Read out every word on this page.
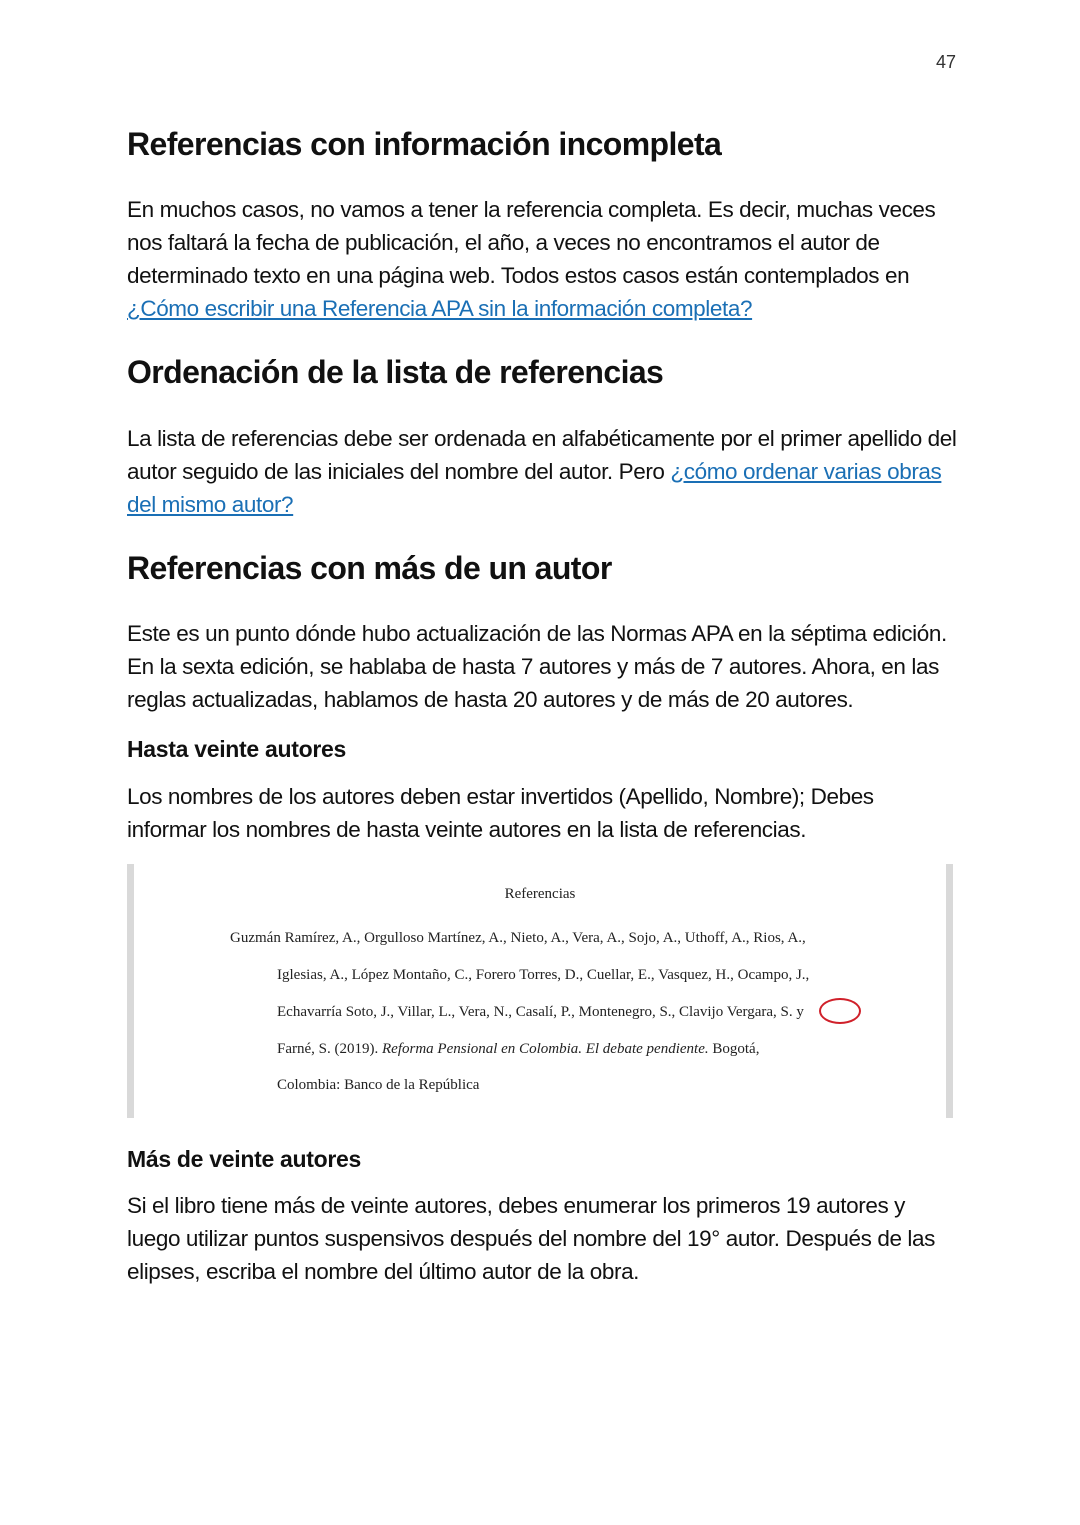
47
Referencias con información incompleta

En muchos casos, no vamos a tener la referencia completa. Es decir, muchas veces nos faltará la fecha de publicación, el año, a veces no encontramos el autor de determinado texto en una página web. Todos estos casos están contemplados en ¿Cómo escribir una Referencia APA sin la información completa?

Ordenación de la lista de referencias

La lista de referencias debe ser ordenada en alfabéticamente por el primer apellido del autor seguido de las iniciales del nombre del autor. Pero ¿cómo ordenar varias obras del mismo autor?

Referencias con más de un autor

Este es un punto dónde hubo actualización de las Normas APA en la séptima edición. En la sexta edición, se hablaba de hasta 7 autores y más de 7 autores. Ahora, en las reglas actualizadas, hablamos de hasta 20 autores y de más de 20 autores.

Hasta veinte autores

Los nombres de los autores deben estar invertidos (Apellido, Nombre); Debes informar los nombres de hasta veinte autores en la lista de referencias.

Referencias
Guzmán Ramírez, A., Orgulloso Martínez, A., Nieto, A., Vera, A., Sojo, A., Uthoff, A., Rios, A.,
Iglesias, A., López Montaño, C., Forero Torres, D., Cuellar, E., Vasquez, H., Ocampo, J.,
Echavarría Soto, J., Villar, L., Vera, N., Casalí, P., Montenegro, S., Clavijo Vergara, S. y
Farné, S. (2019). Reforma Pensional en Colombia. El debate pendiente. Bogotá,
Colombia: Banco de la República
Más de veinte autores

Si el libro tiene más de veinte autores, debes enumerar los primeros 19 autores y luego utilizar puntos suspensivos después del nombre del 19° autor. Después de las elipses, escriba el nombre del último autor de la obra.
